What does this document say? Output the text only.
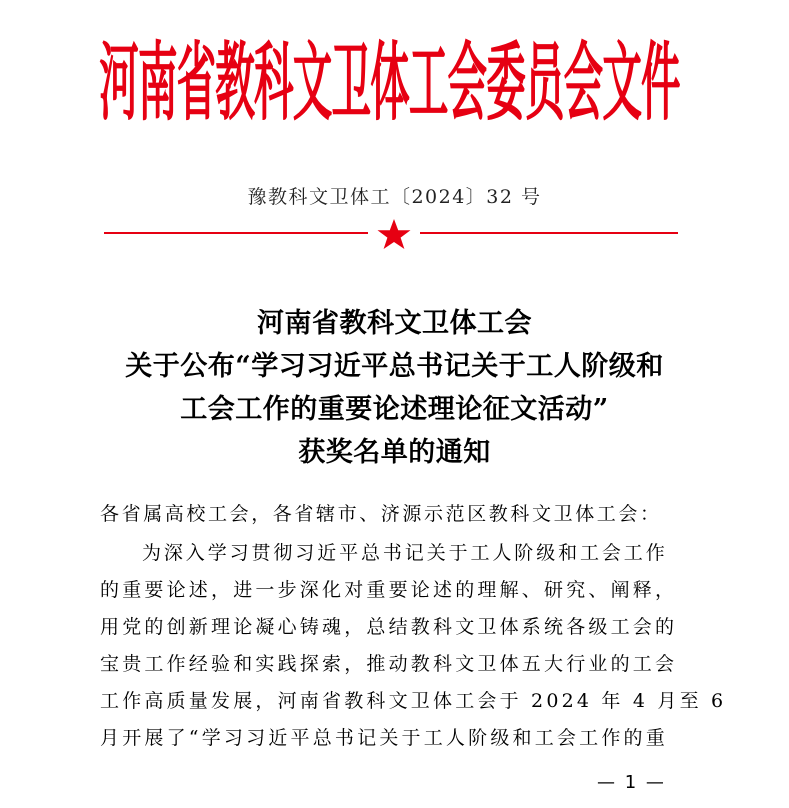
河南省教科文卫体工会委员会文件
豫教科文卫体工〔2024〕32 号
河南省教科文卫体工会
关于公布“学习习近平总书记关于工人阶级和
工会工作的重要论述理论征文活动”
获奖名单的通知
各省属高校工会，各省辖市、济源示范区教科文卫体工会：
为深入学习贯彻习近平总书记关于工人阶级和工会工作
的重要论述，进一步深化对重要论述的理解、研究、阐释，
用党的创新理论凝心铸魂，总结教科文卫体系统各级工会的
宝贵工作经验和实践探索，推动教科文卫体五大行业的工会
工作高质量发展，河南省教科文卫体工会于 2024 年 4 月至 6
月开展了“学习习近平总书记关于工人阶级和工会工作的重
— 1 —
